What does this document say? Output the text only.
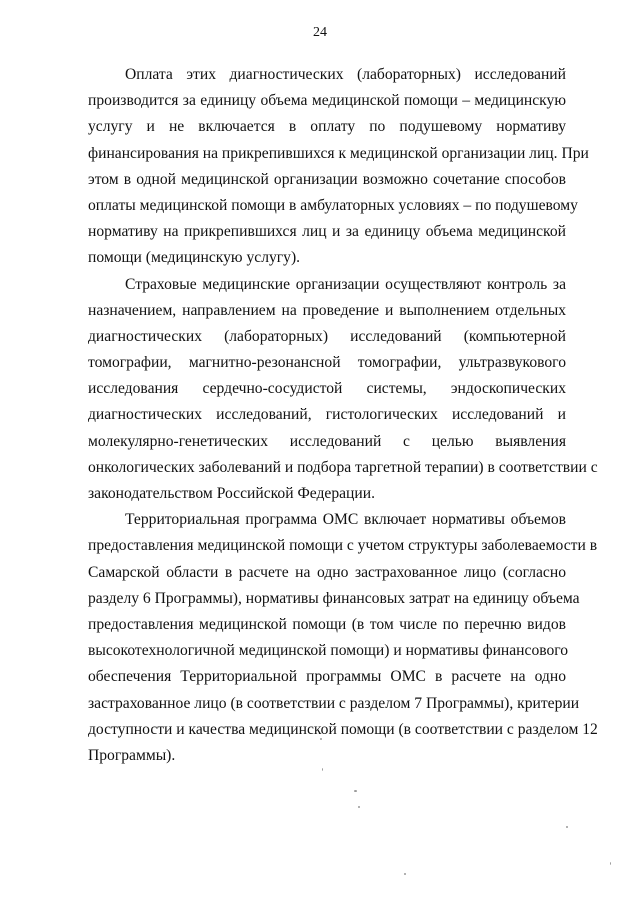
24
Оплата этих диагностических (лабораторных) исследований
производится за единицу объема медицинской помощи – медицинскую
услугу и не включается в оплату по подушевому нормативу
финансирования на прикрепившихся к медицинской организации лиц. При
этом в одной медицинской организации возможно сочетание способов
оплаты медицинской помощи в амбулаторных условиях – по подушевому
нормативу на прикрепившихся лиц и за единицу объема медицинской
помощи (медицинскую услугу).
Страховые медицинские организации осуществляют контроль за
назначением, направлением на проведение и выполнением отдельных
диагностических (лабораторных) исследований (компьютерной
томографии, магнитно-резонансной томографии, ультразвукового
исследования сердечно-сосудистой системы, эндоскопических
диагностических исследований, гистологических исследований и
молекулярно-генетических исследований с целью выявления
онкологических заболеваний и подбора таргетной терапии) в соответствии с
законодательством Российской Федерации.
Территориальная программа ОМС включает нормативы объемов
предоставления медицинской помощи с учетом структуры заболеваемости в
Самарской области в расчете на одно застрахованное лицо (согласно
разделу 6 Программы), нормативы финансовых затрат на единицу объема
предоставления медицинской помощи (в том числе по перечню видов
высокотехнологичной медицинской помощи) и нормативы финансового
обеспечения Территориальной программы ОМС в расчете на одно
застрахованное лицо (в соответствии с разделом 7 Программы), критерии
доступности и качества медицинской помощи (в соответствии с разделом 12
Программы).
